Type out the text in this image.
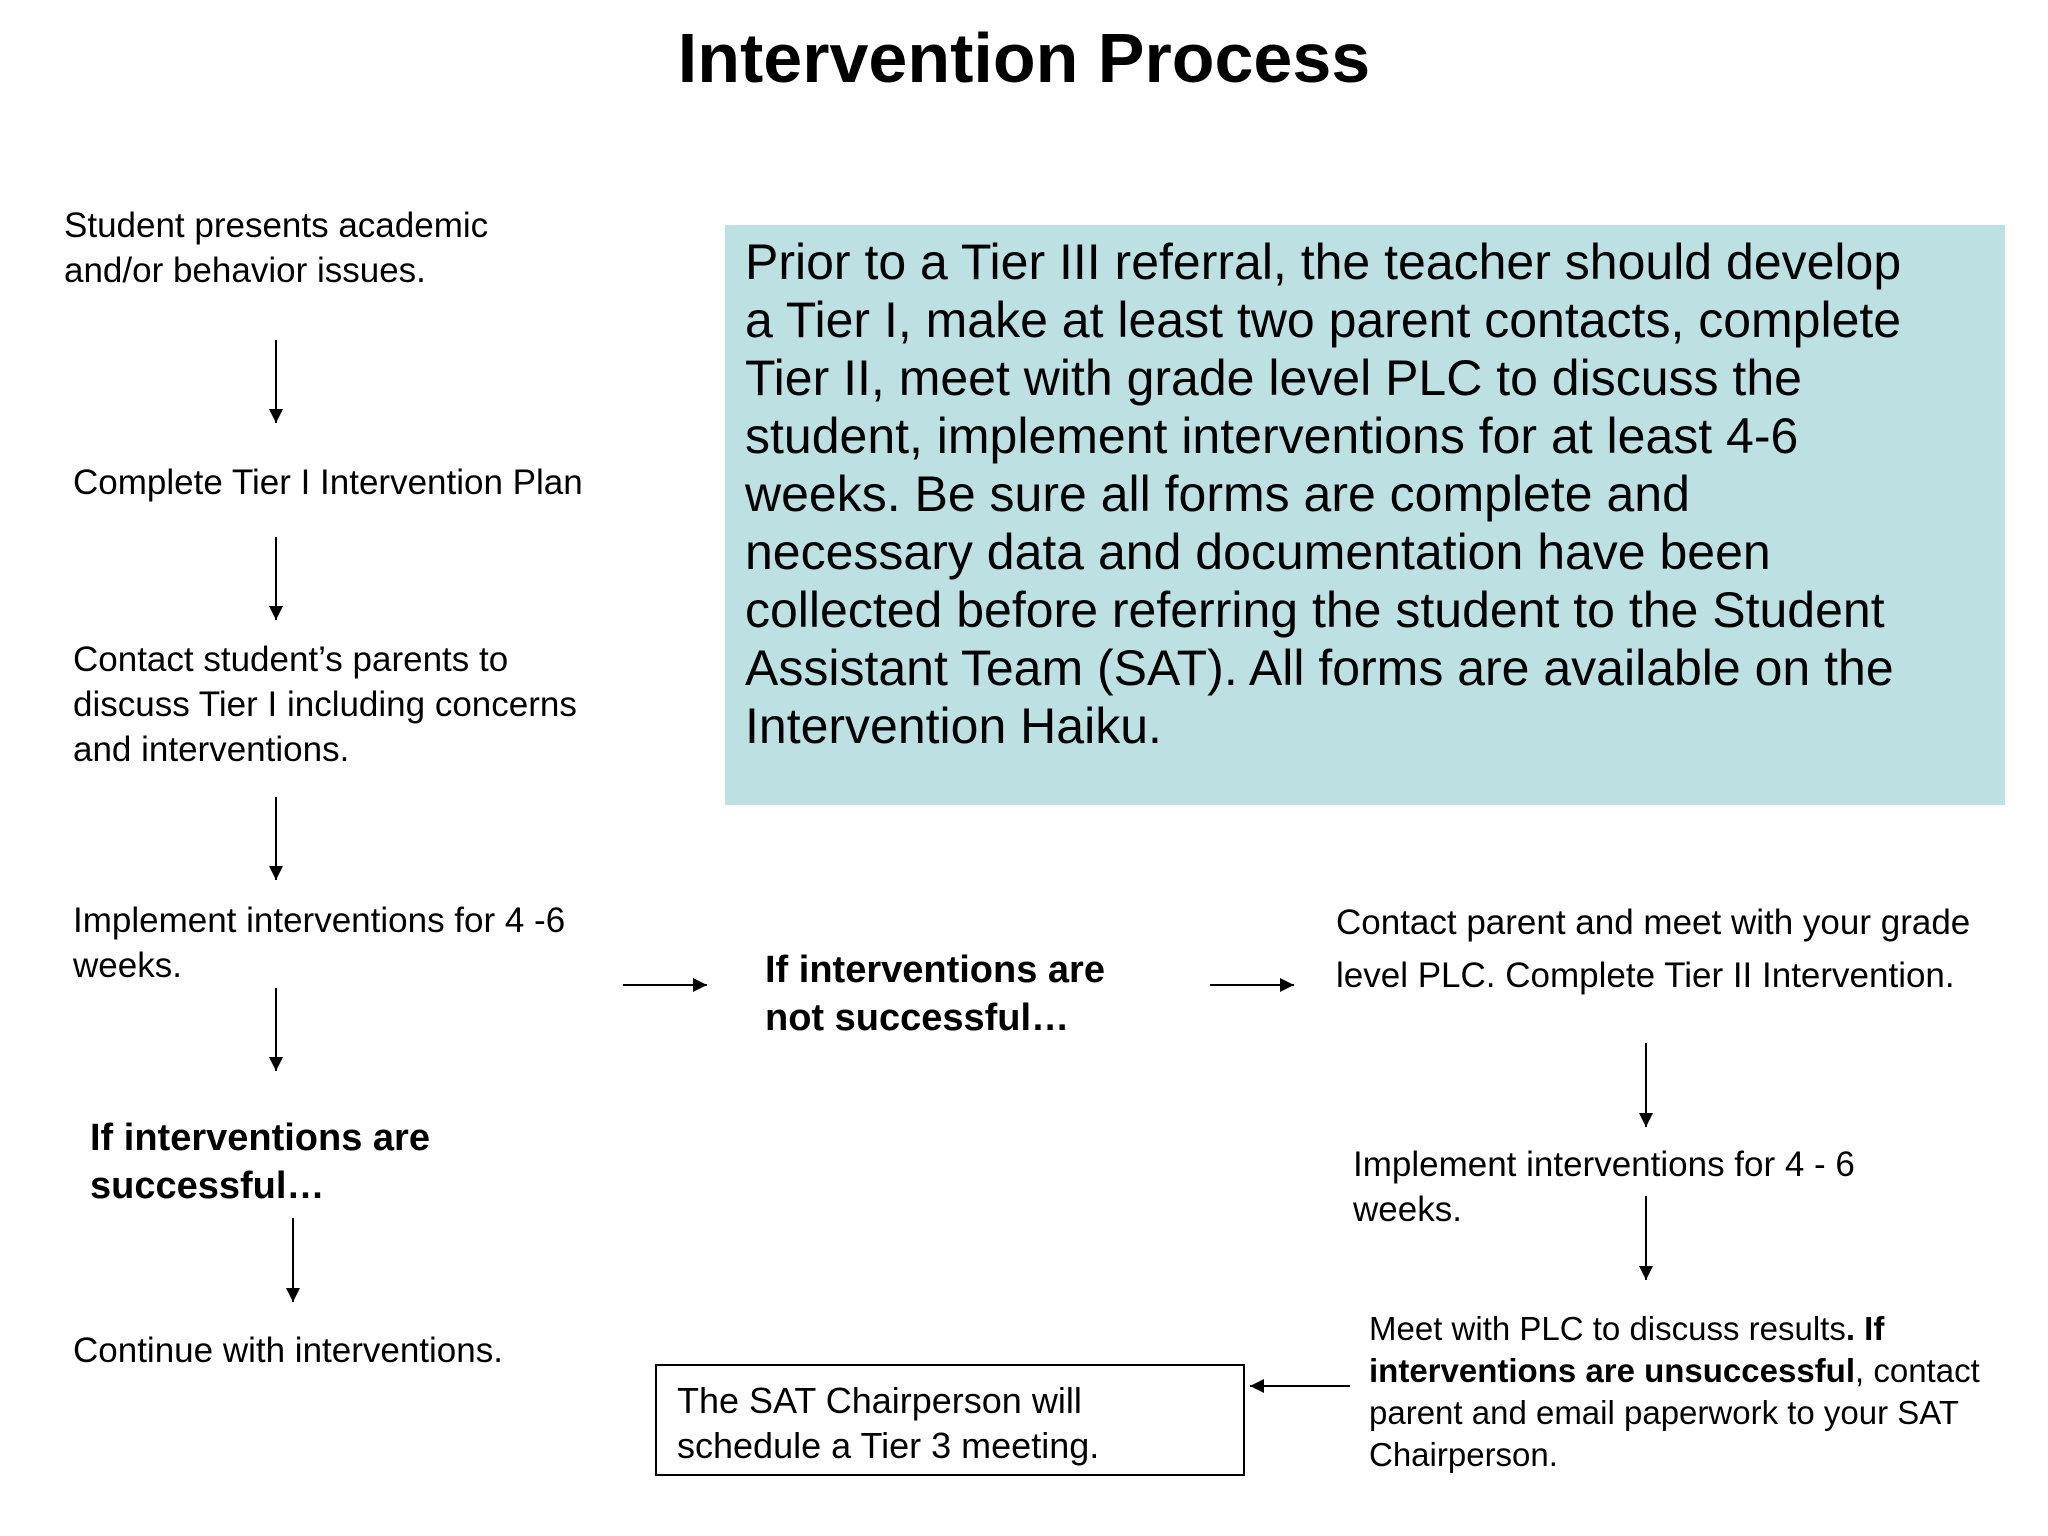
Intervention Process
Student presents academic
and/or behavior issues.
Complete Tier I Intervention Plan
Contact student’s parents to
discuss Tier I including concerns
and interventions.
Implement interventions for 4 -6
weeks.
If interventions are
successful…
Continue with interventions.
Prior to a Tier III referral, the teacher should develop
a Tier I, make at least two parent contacts, complete
Tier II, meet with grade level PLC to discuss the
student, implement interventions for at least 4-6
weeks. Be sure all forms are complete and
necessary data and documentation have been
collected before referring the student to the Student
Assistant Team (SAT). All forms are available on the
Intervention Haiku.
If interventions are
not successful…
Contact parent and meet with your grade
level PLC. Complete Tier II Intervention.
Implement interventions for 4 - 6
weeks.
Meet with PLC to discuss results. If
interventions are unsuccessful, contact
parent and email paperwork to your SAT
Chairperson.
The SAT Chairperson will
schedule a Tier 3 meeting.
